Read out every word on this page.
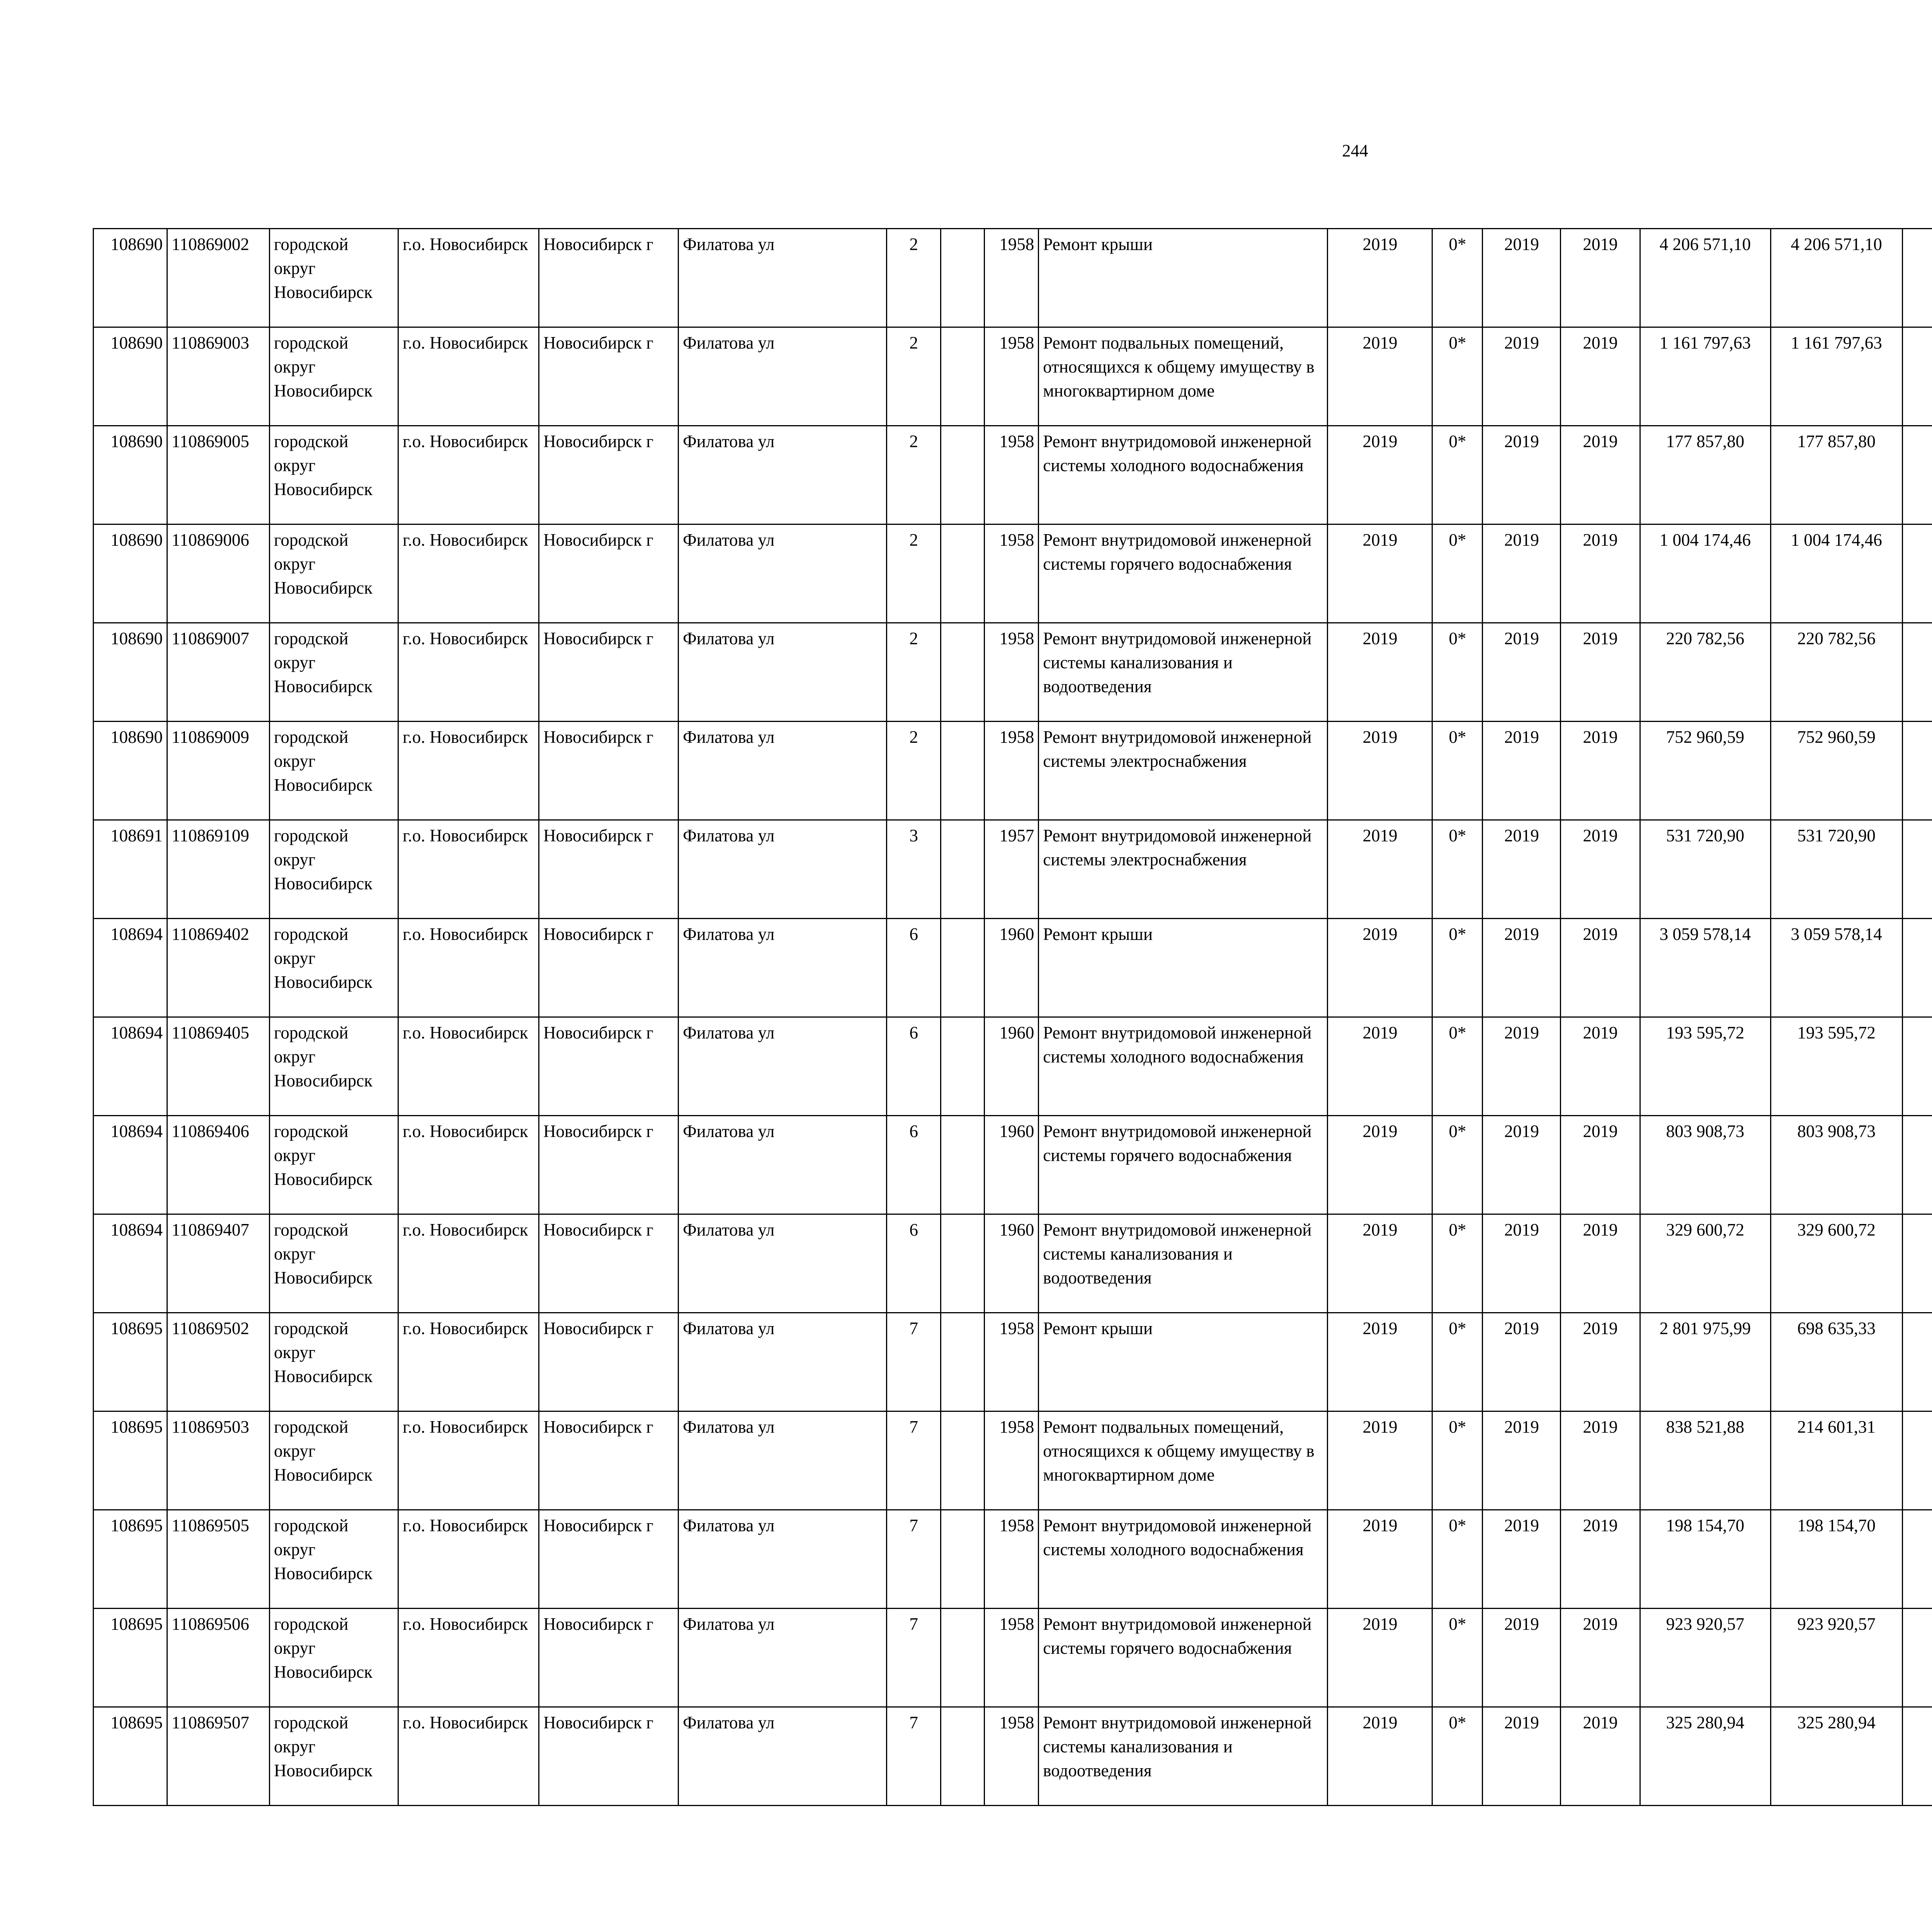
244
108690	110869002	городской округ Новосибирск	г.о. Новосибирск	Новосибирск г	Филатова ул	2		1958	Ремонт крыши	2019	0*	2019	2019	4 206 571,10	4 206 571,10						
108690	110869003	городской округ Новосибирск	г.о. Новосибирск	Новосибирск г	Филатова ул	2		1958	Ремонт подвальных помещений, относящихся к общему имуществу в многоквартирном доме	2019	0*	2019	2019	1 161 797,63	1 161 797,63						
108690	110869005	городской округ Новосибирск	г.о. Новосибирск	Новосибирск г	Филатова ул	2		1958	Ремонт внутридомовой инженерной системы холодного водоснабжения	2019	0*	2019	2019	177 857,80	177 857,80						
108690	110869006	городской округ Новосибирск	г.о. Новосибирск	Новосибирск г	Филатова ул	2		1958	Ремонт внутридомовой инженерной системы горячего водоснабжения	2019	0*	2019	2019	1 004 174,46	1 004 174,46						
108690	110869007	городской округ Новосибирск	г.о. Новосибирск	Новосибирск г	Филатова ул	2		1958	Ремонт внутридомовой инженерной системы канализования и водоотведения	2019	0*	2019	2019	220 782,56	220 782,56						
108690	110869009	городской округ Новосибирск	г.о. Новосибирск	Новосибирск г	Филатова ул	2		1958	Ремонт внутридомовой инженерной системы электроснабжения	2019	0*	2019	2019	752 960,59	752 960,59						
108691	110869109	городской округ Новосибирск	г.о. Новосибирск	Новосибирск г	Филатова ул	3		1957	Ремонт внутридомовой инженерной системы электроснабжения	2019	0*	2019	2019	531 720,90	531 720,90						
108694	110869402	городской округ Новосибирск	г.о. Новосибирск	Новосибирск г	Филатова ул	6		1960	Ремонт крыши	2019	0*	2019	2019	3 059 578,14	3 059 578,14						
108694	110869405	городской округ Новосибирск	г.о. Новосибирск	Новосибирск г	Филатова ул	6		1960	Ремонт внутридомовой инженерной системы холодного водоснабжения	2019	0*	2019	2019	193 595,72	193 595,72						
108694	110869406	городской округ Новосибирск	г.о. Новосибирск	Новосибирск г	Филатова ул	6		1960	Ремонт внутридомовой инженерной системы горячего водоснабжения	2019	0*	2019	2019	803 908,73	803 908,73						
108694	110869407	городской округ Новосибирск	г.о. Новосибирск	Новосибирск г	Филатова ул	6		1960	Ремонт внутридомовой инженерной системы канализования и водоотведения	2019	0*	2019	2019	329 600,72	329 600,72						
108695	110869502	городской округ Новосибирск	г.о. Новосибирск	Новосибирск г	Филатова ул	7		1958	Ремонт крыши	2019	0*	2019	2019	2 801 975,99	698 635,33						
108695	110869503	городской округ Новосибирск	г.о. Новосибирск	Новосибирск г	Филатова ул	7		1958	Ремонт подвальных помещений, относящихся к общему имуществу в многоквартирном доме	2019	0*	2019	2019	838 521,88	214 601,31						
108695	110869505	городской округ Новосибирск	г.о. Новосибирск	Новосибирск г	Филатова ул	7		1958	Ремонт внутридомовой инженерной системы холодного водоснабжения	2019	0*	2019	2019	198 154,70	198 154,70						
108695	110869506	городской округ Новосибирск	г.о. Новосибирск	Новосибирск г	Филатова ул	7		1958	Ремонт внутридомовой инженерной системы горячего водоснабжения	2019	0*	2019	2019	923 920,57	923 920,57						
108695	110869507	городской округ Новосибирск	г.о. Новосибирск	Новосибирск г	Филатова ул	7		1958	Ремонт внутридомовой инженерной системы канализования и водоотведения	2019	0*	2019	2019	325 280,94	325 280,94						
